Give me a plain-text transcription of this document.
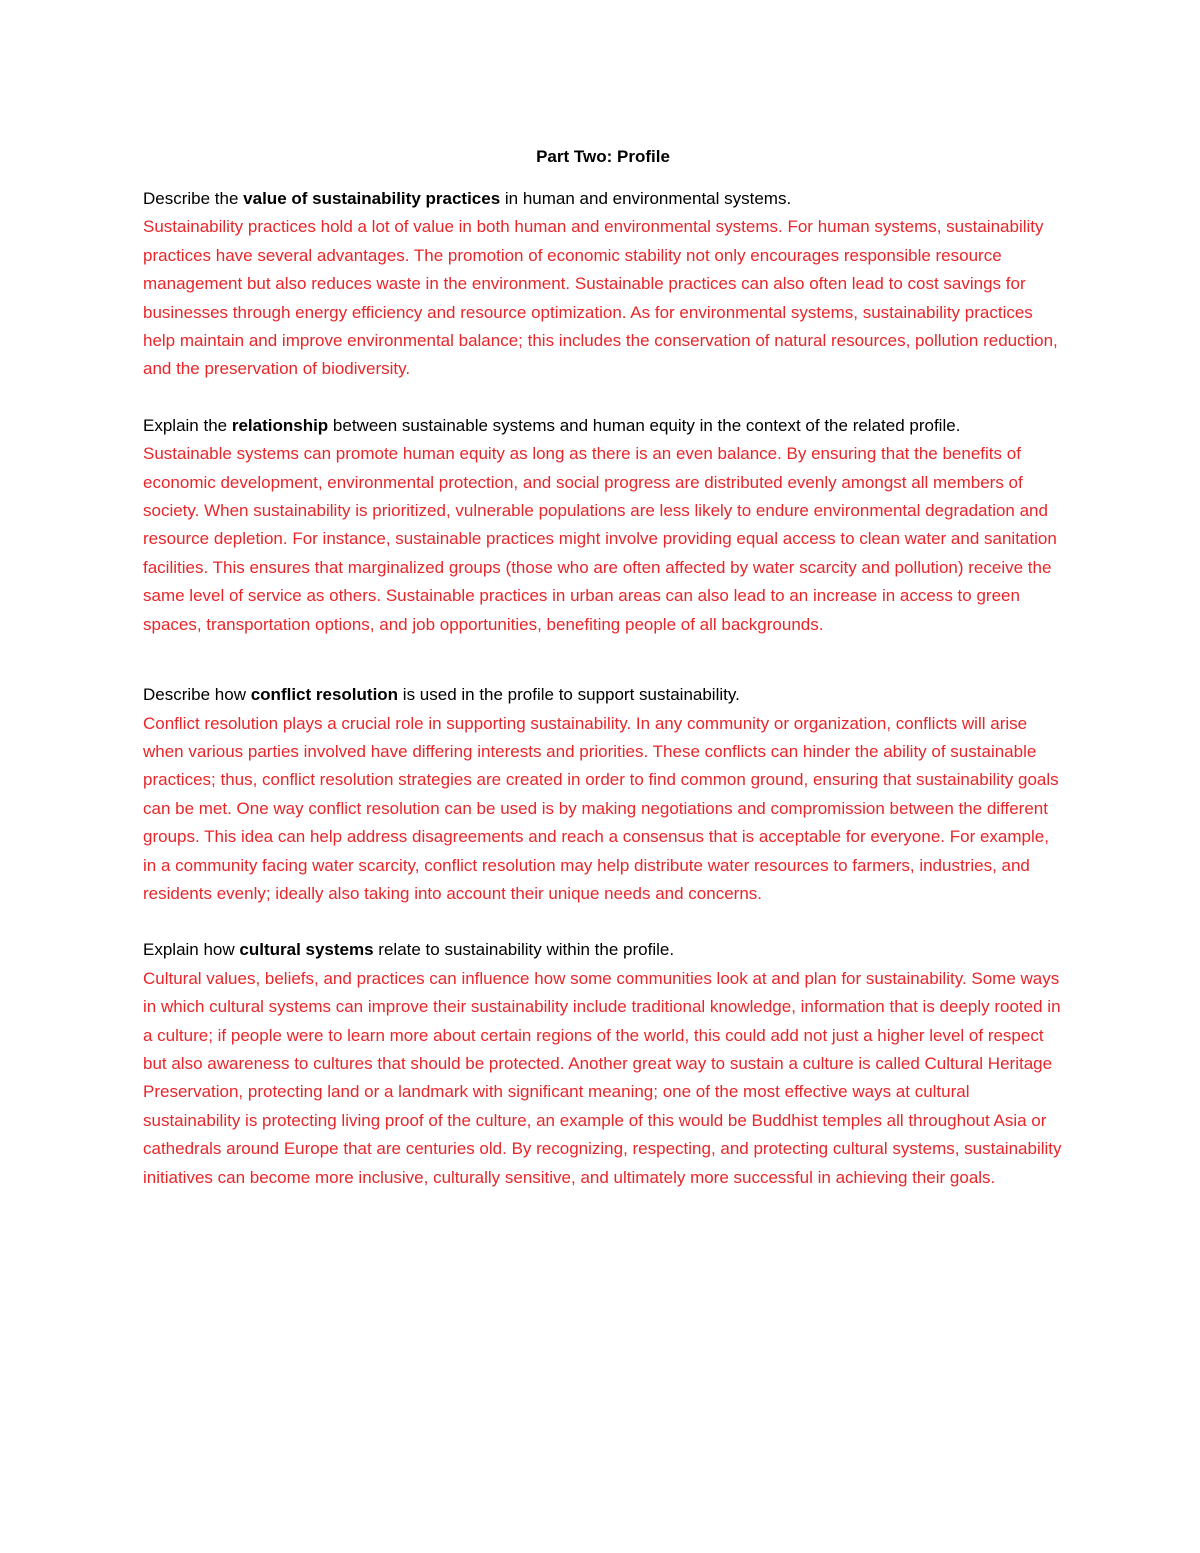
Part Two: Profile

Describe the value of sustainability practices in human and environmental systems.

Sustainability practices hold a lot of value in both human and environmental systems. For human systems, sustainability practices have several advantages. The promotion of economic stability not only encourages responsible resource management but also reduces waste in the environment. Sustainable practices can also often lead to cost savings for businesses through energy efficiency and resource optimization. As for environmental systems, sustainability practices help maintain and improve environmental balance; this includes the conservation of natural resources, pollution reduction, and the preservation of biodiversity.

Explain the relationship between sustainable systems and human equity in the context of the related profile.

Sustainable systems can promote human equity as long as there is an even balance. By ensuring that the benefits of economic development, environmental protection, and social progress are distributed evenly amongst all members of society. When sustainability is prioritized, vulnerable populations are less likely to endure environmental degradation and resource depletion. For instance, sustainable practices might involve providing equal access to clean water and sanitation facilities. This ensures that marginalized groups (those who are often affected by water scarcity and pollution) receive the same level of service as others. Sustainable practices in urban areas can also lead to an increase in access to green spaces, transportation options, and job opportunities, benefiting people of all backgrounds.

Describe how conflict resolution is used in the profile to support sustainability.

Conflict resolution plays a crucial role in supporting sustainability. In any community or organization, conflicts will arise when various parties involved have differing interests and priorities. These conflicts can hinder the ability of sustainable practices; thus, conflict resolution strategies are created in order to find common ground, ensuring that sustainability goals can be met. One way conflict resolution can be used is by making negotiations and compromission between the different groups. This idea can help address disagreements and reach a consensus that is acceptable for everyone. For example, in a community facing water scarcity, conflict resolution may help distribute water resources to farmers, industries, and residents evenly; ideally also taking into account their unique needs and concerns.

Explain how cultural systems relate to sustainability within the profile.

Cultural values, beliefs, and practices can influence how some communities look at and plan for sustainability. Some ways in which cultural systems can improve their sustainability include traditional knowledge, information that is deeply rooted in a culture; if people were to learn more about certain regions of the world, this could add not just a higher level of respect but also awareness to cultures that should be protected. Another great way to sustain a culture is called Cultural Heritage Preservation, protecting land or a landmark with significant meaning; one of the most effective ways at cultural sustainability is protecting living proof of the culture, an example of this would be Buddhist temples all throughout Asia or cathedrals around Europe that are centuries old. By recognizing, respecting, and protecting cultural systems, sustainability initiatives can become more inclusive, culturally sensitive, and ultimately more successful in achieving their goals.
